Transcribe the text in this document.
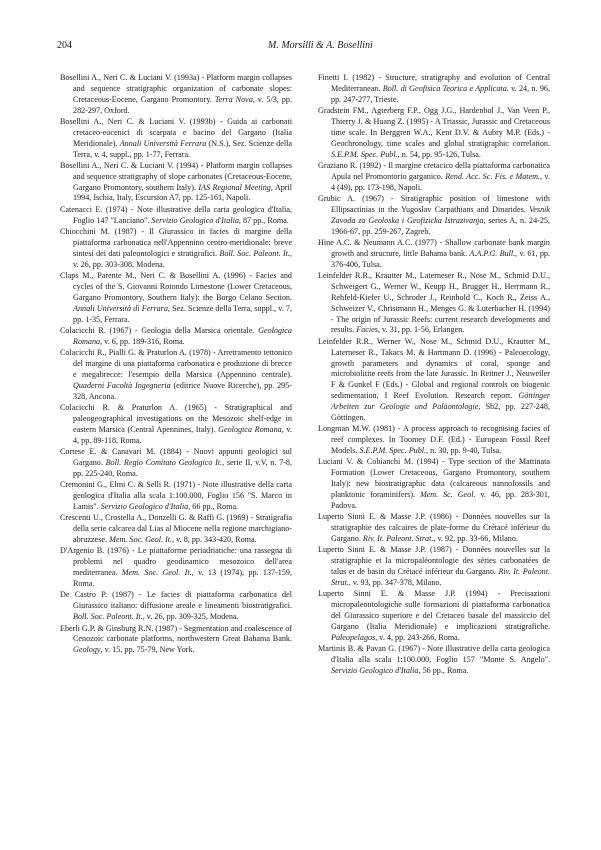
204	M. Morsilli & A. Bosellini

Bosellini A., Neri C. & Luciani V. (1993a) - Platform margin collapses and sequence stratigraphic organization of carbonate slopes: Cretaceous-Eocene, Gargano Promontory. Terra Nova, v. 5/3, pp. 282-297, Oxford.

Bosellini A., Neri C. & Luciani V. (1993b) - Guida ai carbonati cretaceo-eocenici di scarpata e bacino del Gargano (Italia Meridionale). Annali Università Ferrara (N.S.), Sez. Scienze della Terra, v. 4, suppl., pp. 1-77, Ferrara.

Bosellini A., Neri C. & Luciani V. (1994) - Platform margin collapses and sequence stratigraphy of slope carbonates (Cretaceous-Eocene, Gargano Promontory, southern Italy). IAS Regional Meeting, April 1994, Ischia, Italy, Escursion A7, pp. 125-161, Napoli.

Catenacci E. (1974) - Note illustrative della carta geologica d'Italia, Foglio 147 "Lanciano". Servizio Geologico d'Italia, 87 pp., Roma.

Chiocchini M. (1987) - Il Giurassico in facies di margine della piattaforma carbonatica nell'Appennino centro-meridionale: breve sintesi dei dati paleontologici e stratigrafici. Boll. Soc. Paleont. It., v. 26, pp. 303-308, Modena.

Claps M., Parente M., Neri C. & Bosellini A. (1996) - Facies and cycles of the S. Giovanni Rotondo Limestone (Lower Cretaceous, Gargano Promontory, Southern Italy): the Borgo Celano Section. Annali Università di Ferrara, Sez. Scienze della Terra, suppl., v. 7, pp. 1-35, Ferrara.

Colacicchi R. (1967) - Geologia della Marsica orientale. Geologica Romana, v. 6, pp. 189-316, Roma.

Colacicchi R., Pialli G. & Praturlon A. (1978) - Arretramento tettonico del margine di una piattaforma carbonatica e produzione di brecce e megabrecce: l'esempio della Marsica (Appennino centrale). Quaderni Facoltà Ingegneria (editrice Nuove Ricerche), pp. 295-328, Ancona.

Colacicchi R. & Praturlon A. (1965) - Stratigraphical and paleogeographical investigations on the Mesozoic shelf-edge in eastern Marsica (Central Apennines, Italy). Geologica Romana, v. 4, pp. 89-118, Roma.

Cortese E. & Canavari M. (1884) - Nuovi appunti geologici sul Gargano. Boll. Regio Comitato Geologico It., serie II, v.V, n. 7-8, pp. 225-240, Roma.

Cremonini G., Elmi C. & Selli R. (1971) - Note illustrative della carta geologica d'Italia alla scala 1:100.000, Foglio 156 "S. Marco in Lamis". Servizio Geologico d'Italia, 66 pp., Roma.

Crescenti U., Crostella A., Donzelli G. & Raffi G. (1969) - Stratigrafia della serie calcarea dal Lias al Miocene nella regione marchigiano-abruzzese. Mem. Soc. Geol. It., v. 8, pp. 343-420, Roma.

D'Argenio B. (1976) - Le piattaforme periadriatiche: una rassegna di problemi nel quadro geodinamico mesozoico dell'area mediterranea. Mem. Soc. Geol. It., v. 13 (1974), pp. 137-159, Roma.

De Castro P. (1987) - Le facies di piattaforma carbonatica del Giurassico italiano: diffusione areale e lineamenti biostratigrafici. Boll. Soc. Paleont. It., v. 26, pp. 309-325, Modena.

Eberli G.P. & Ginsburg R.N. (1987) - Segmentation and coalescence of Cenozoic carbonate platforms, northwestern Great Bahama Bank. Geology, v. 15, pp. 75-79, New York.

Finetti I. (1982) - Structure, stratigraphy and evolution of Central Mediterranean. Boll. di Geofisica Teorica e Applicata. v. 24, n. 96, pp. 247-277, Trieste.

Gradstein FM., Agterberg F.P., Ogg J.G., Hardenbol J., Van Veen P., Thierry J. & Huang Z. (1995) - A Triassic, Jurassic and Cretaceous time scale. In Berggren W.A., Kent D.V. & Aubry M.P. (Eds.) - Geochronology, time scales and global stratigraphic correlation. S.E.P.M. Spec. Publ., n. 54, pp. 95-126, Tulsa.

Graziano R. (1992) - Il margine cretacico della piattaforma carbonatica Apula nel Promontorio garganico. Rend. Acc. Sc. Fis. e Matem., v. 4 (49), pp. 173-198, Napoli.

Grubic A. (1967) - Stratigraphic position of limestone with Ellipsactinias in the Yugoslav Carpathians and Dinarides. Vesnik Zavoda za Geoloska i Geofizicka Istrazivanja, series A, n. 24-25, 1966-67, pp. 259-267, Zagreb.

Hine A.C. & Neumann A.C. (1977) - Shallow carbonate bank margin growth and structure, little Bahama bank. A.A.P.G. Bull., v. 61, pp. 376-406, Tulsa.

Leinfelder R.R., Krautter M., Laterneser R., Nose M., Schmid D.U., Schweigert G., Werner W., Keupp H., Brugger H., Herrmann R., Rehfeld-Kiefer U., Schroder J., Reinhold C., Koch R., Zeiss A., Schweizer V., Christmann H., Menges G. & Luterbacher H. (1994) - The origin of Jurassic Reefs: current research developments and results. Facies, v. 31, pp. 1-56, Erlangen.

Leinfelder R.R., Werner W., Nose M., Schmid D.U., Krautter M., Laterneser R., Takacs M. & Hartmann D. (1996) - Paleoecology, growth parameters and dynamics of coral, sponge and microbiolitite reefs from the late Jurassic. In Reitner J., Neuweiler F & Gunkel F (Eds.) - Global and regional controls on biogenic sedimentation, I Reef Evolution. Research report. Göttinger Arbeiten zur Geologie und Paläontologie, Sb2, pp. 227-248, Göttingen.

Longman M.W. (1981) - A process approach to recognising facies of reef complexes. In Toomey D.F. (Ed.) - European Fossil Reef Models. S.E.P.M. Spec. Publ., n. 30, pp. 9-40, Tulsa.

Luciani V. & Cobianchi M. (1994) - Type section of the Mattinata Formation (Lower Cretaceous, Gargano Promontory, southern Italy): new biostratigraphic data (calcareous nannofossils and planktonic foraminifers). Mem. Sc. Geol. v. 46, pp. 283-301, Padova.

Luperto Sinni E. & Masse J.P. (1986) - Données nouvelles sur la stratigraphie des calcaires de plate-forme du Crétacé inférieur du Gargano. Riv. It. Paleont. Strat., v. 92, pp. 33-66, Milano.

Luperto Sinni E. & Masse J.P. (1987) - Données nouvelles sur la stratigraphie et la micropaléontologie des séries carbonatées de talus et de basin du Crétacé inférieur du Gargano. Riv. It. Paleont. Strat., v. 93, pp. 347-378, Milano.

Luperto Sinni E. & Masse J.P. (1994) - Precisazioni micropaleontologiche sulle formazioni di piattaforma carbonatica del Giurassico superiore e del Cretaceo basale del massiccio del Gargano (Italia Meridionale) e implicazioni stratigrafiche. Paleopelagos, v. 4, pp. 243-266, Roma.

Martinis B. & Pavan G. (1967) - Note illustrative della carta geologica d'Italia alla scala 1:100.000, Foglio 157 "Monte S. Angelo". Servizio Geologico d'Italia, 56 pp., Roma.
